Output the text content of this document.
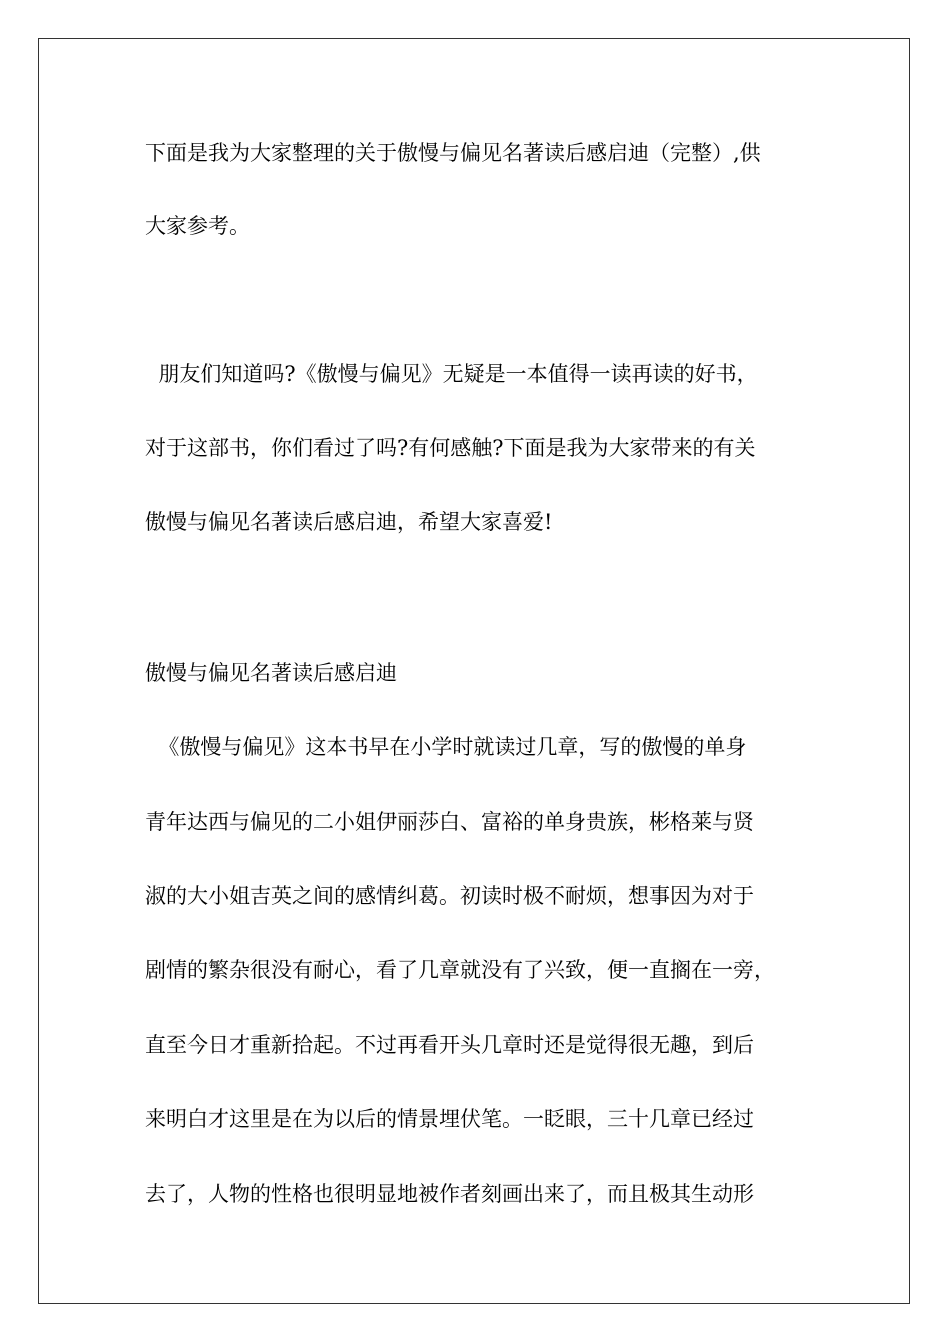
下面是我为大家整理的关于傲慢与偏见名著读后感启迪（完整）,供
大家参考。
朋友们知道吗?《傲慢与偏见》无疑是一本值得一读再读的好书，
对于这部书，你们看过了吗?有何感触?下面是我为大家带来的有关
傲慢与偏见名著读后感启迪，希望大家喜爱!
傲慢与偏见名著读后感启迪
《傲慢与偏见》这本书早在小学时就读过几章，写的傲慢的单身
青年达西与偏见的二小姐伊丽莎白、富裕的单身贵族，彬格莱与贤
淑的大小姐吉英之间的感情纠葛。初读时极不耐烦，想事因为对于
剧情的繁杂很没有耐心，看了几章就没有了兴致，便一直搁在一旁，
直至今日才重新拾起。不过再看开头几章时还是觉得很无趣，到后
来明白才这里是在为以后的情景埋伏笔。一眨眼，三十几章已经过
去了，人物的性格也很明显地被作者刻画出来了，而且极其生动形
